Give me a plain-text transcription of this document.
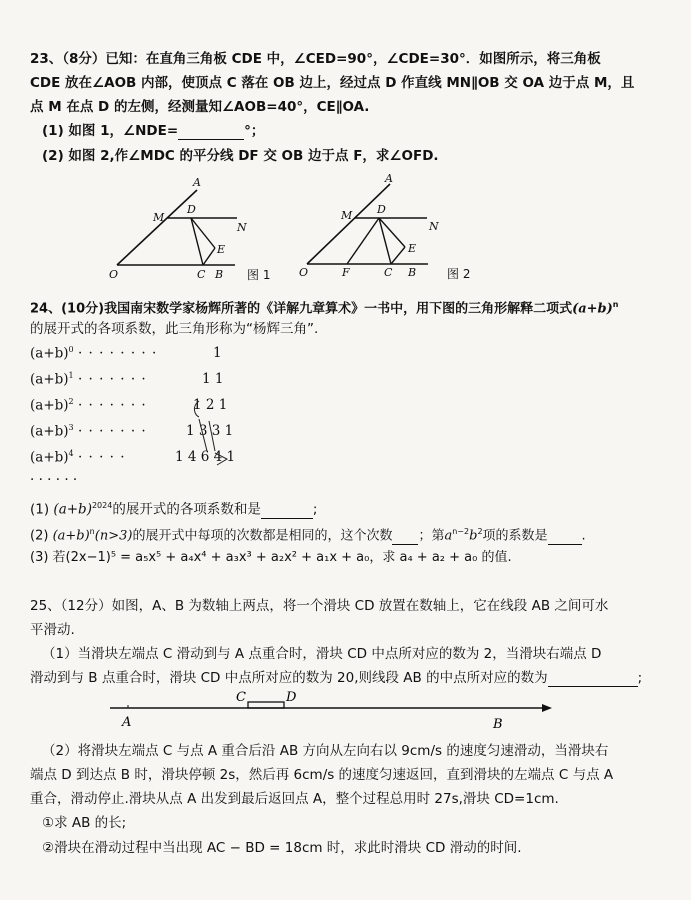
23、（8分）已知：在直角三角板 CDE 中，∠CED=90°，∠CDE=30°．如图所示，将三角板
CDE 放在∠AOB 内部，使顶点 C 落在 OB 边上，经过点 D 作直线 MN∥OB 交 OA 边于点 M，且
点 M 在点 D 的左侧，经测量知∠AOB=40°，CE∥OA.
(1) 如图 1，∠NDE=	°；
(2) 如图 2,作∠MDC 的平分线 DF 交 OB 边于点 F，求∠OFD.
A
M
D
N
E
O	C B 图 1
A
M D
N
E
O	F	C B	图 2
24、(10分)我国南宋数学家杨辉所著的《详解九章算术》一书中，用下图的三角形解释二项式$(a+b)^n$
的展开式的各项系数，此三角形称为“杨辉三角”.
$(a+b)^0$ · · · · · · · ·	1
$(a+b)^1$ · · · · · · ·	1 1
$(a+b)^2$ · · · · · · ·	1 2 1
$(a+b)^3$ · · · · · · ·	1 3 3 1
$(a+b)^4$ · · · · ·	1 4 6 4 1
· · · · · ·
(1) $(a+b)^{2024}$的展开式的各项系数和是	;
(2) $(a+b)^n(n>3)$的展开式中每项的次数都是相同的，这个次数 ；第$a^{n-2}b^2$项的系数是	.
(3) 若(2x−1)⁵ = a₅x⁵ + a₄x⁴ + a₃x³ + a₂x² + a₁x + a₀，求 a₄ + a₂ + a₀ 的值.
25、（12分）如图，A、B 为数轴上两点，将一个滑块 CD 放置在数轴上，它在线段 AB 之间可水
平滑动.
（1）当滑块左端点 C 滑动到与 A 点重合时，滑块 CD 中点所对应的数为 2，当滑块右端点 D
滑动到与 B 点重合时，滑块 CD 中点所对应的数为 20,则线段 AB 的中点所对应的数为	;
C	D
A	B
（2）将滑块左端点 C 与点 A 重合后沿 AB 方向从左向右以 9cm/s 的速度匀速滑动，当滑块右
端点 D 到达点 B 时，滑块停顿 2s，然后再 6cm/s 的速度匀速返回，直到滑块的左端点 C 与点 A
重合，滑动停止.滑块从点 A 出发到最后返回点 A，整个过程总用时 27s,滑块 CD=1cm.
①求 AB 的长;
②滑块在滑动过程中当出现 AC − BD = 18cm 时，求此时滑块 CD 滑动的时间.
